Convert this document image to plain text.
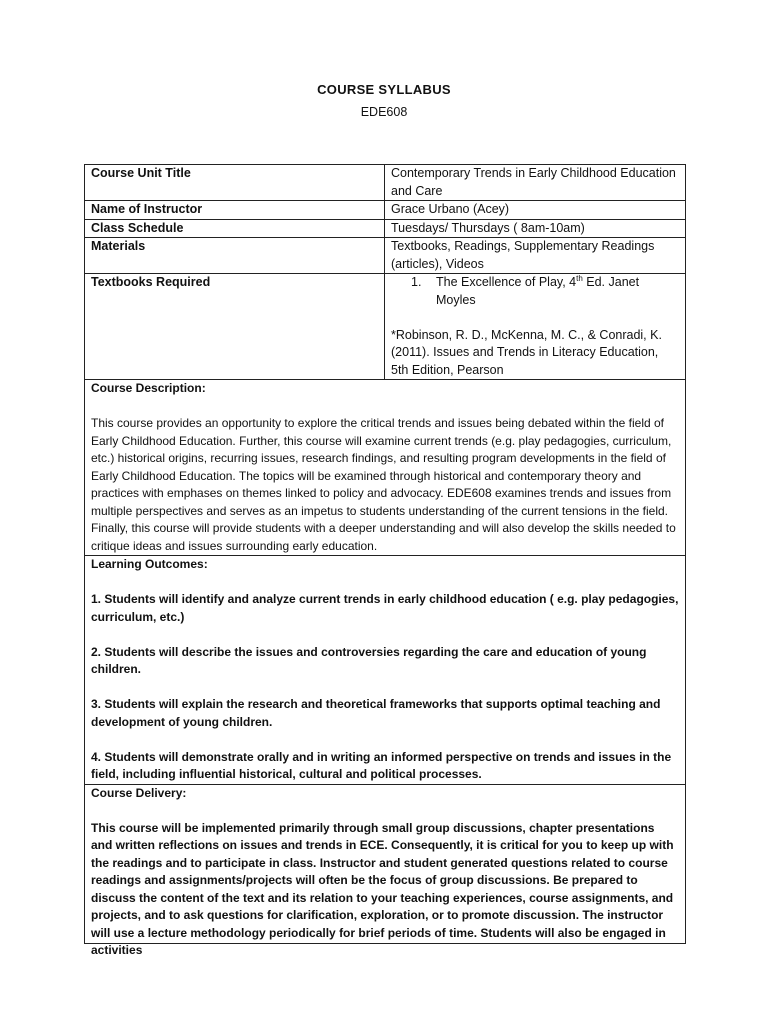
COURSE SYLLABUS
EDE608
Course Unit Title	Contemporary Trends in Early Childhood Education and Care
Name of Instructor	Grace Urbano (Acey)
Class Schedule	Tuesdays/ Thursdays ( 8am-10am)
Materials	Textbooks, Readings, Supplementary Readings (articles), Videos
Textbooks Required	1. The Excellence of Play, 4th Ed. Janet Moyles
*Robinson, R. D., McKenna, M. C., & Conradi, K. (2011). Issues and Trends in Literacy Education, 5th Edition, Pearson

Course Description:

This course provides an opportunity to explore the critical trends and issues being debated within the field of Early Childhood Education. Further, this course will examine current trends (e.g. play pedagogies, curriculum, etc.) historical origins, recurring issues, research findings, and resulting program developments in the field of Early Childhood Education. The topics will be examined through historical and contemporary theory and practices with emphases on themes linked to policy and advocacy. EDE608 examines trends and issues from multiple perspectives and serves as an impetus to students understanding of the current tensions in the field. Finally, this course will provide students with a deeper understanding and will also develop the skills needed to critique ideas and issues surrounding early education.	

Learning Outcomes:

1. Students will identify and analyze current trends in early childhood education ( e.g. play pedagogies, curriculum, etc.)

2. Students will describe the issues and controversies regarding the care and education of young children.

3. Students will explain the research and theoretical frameworks that supports optimal teaching and development of young children.

4. Students will demonstrate orally and in writing an informed perspective on trends and issues in the field, including influential historical, cultural and political processes.	

Course Delivery:

This course will be implemented primarily through small group discussions, chapter presentations and written reflections on issues and trends in ECE. Consequently, it is critical for you to keep up with the readings and to participate in class. Instructor and student generated questions related to course readings and assignments/projects will often be the focus of group discussions. Be prepared to discuss the content of the text and its relation to your teaching experiences, course assignments, and projects, and to ask questions for clarification, exploration, or to promote discussion. The instructor will use a lecture methodology periodically for brief periods of time. Students will also be engaged in activities	
